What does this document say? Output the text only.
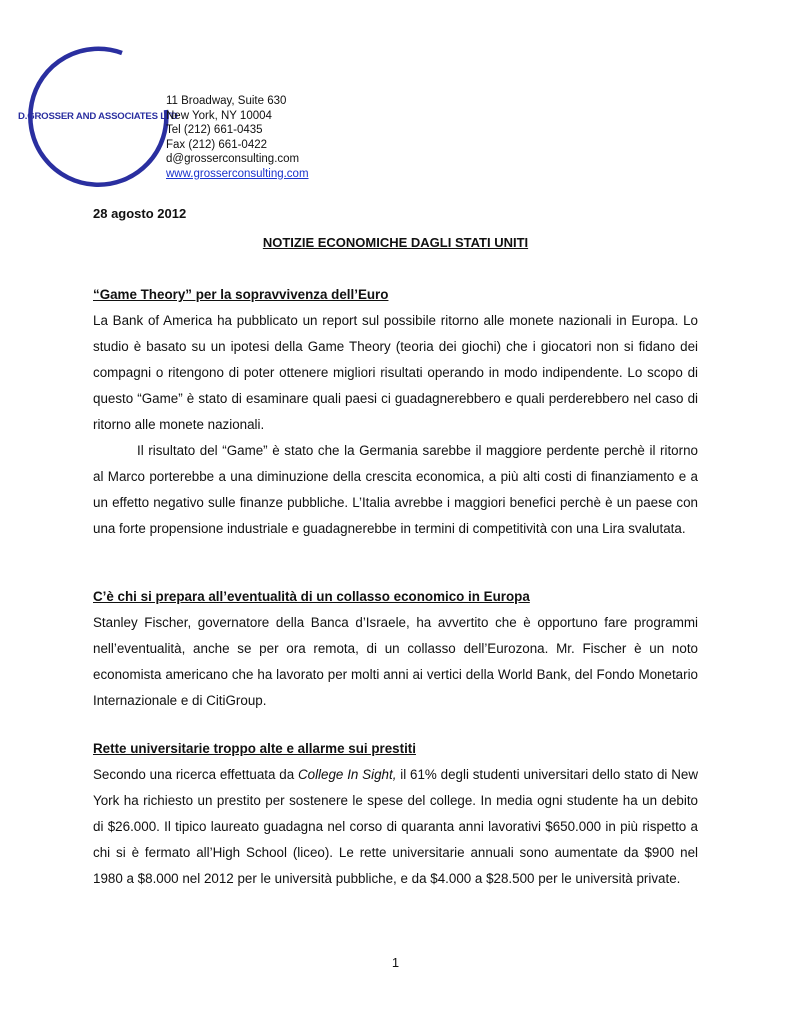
D.GROSSER AND ASSOCIATES LTD
11 Broadway, Suite 630
New York, NY 10004
Tel (212) 661-0435
Fax (212) 661-0422
d@grosserconsulting.com
www.grosserconsulting.com
28 agosto 2012
NOTIZIE ECONOMICHE DAGLI STATI UNITI
“Game Theory” per la sopravvivenza dell’Euro

La Bank of America ha pubblicato un report sul possibile ritorno alle monete nazionali in Europa. Lo studio è basato su un ipotesi della Game Theory (teoria dei giochi) che i giocatori non si fidano dei compagni o ritengono di poter ottenere migliori risultati operando in modo indipendente. Lo scopo di questo “Game” è stato di esaminare quali paesi ci guadagnerebbero e quali perderebbero nel caso di ritorno alle monete nazionali.

Il risultato del “Game” è stato che la Germania sarebbe il maggiore perdente perchè il ritorno al Marco porterebbe a una diminuzione della crescita economica, a più alti costi di finanziamento e a un effetto negativo sulle finanze pubbliche. L’Italia avrebbe i maggiori benefici perchè è un paese con una forte propensione industriale e guadagnerebbe in termini di competitività con una Lira svalutata.

C’è chi si prepara all’eventualità di un collasso economico in Europa

Stanley Fischer, governatore della Banca d’Israele, ha avvertito che è opportuno fare programmi nell’eventualità, anche se per ora remota, di un collasso dell’Eurozona. Mr. Fischer è un noto economista americano che ha lavorato per molti anni ai vertici della World Bank, del Fondo Monetario Internazionale e di CitiGroup.

Rette universitarie troppo alte e allarme sui prestiti

Secondo una ricerca effettuata da College In Sight, il 61% degli studenti universitari dello stato di New York ha richiesto un prestito per sostenere le spese del college. In media ogni studente ha un debito di $26.000. Il tipico laureato guadagna nel corso di quaranta anni lavorativi $650.000 in più rispetto a chi si è fermato all’High School (liceo). Le rette universitarie annuali sono aumentate da $900 nel 1980 a $8.000 nel 2012 per le università pubbliche, e da $4.000 a $28.500 per le università private.

1
